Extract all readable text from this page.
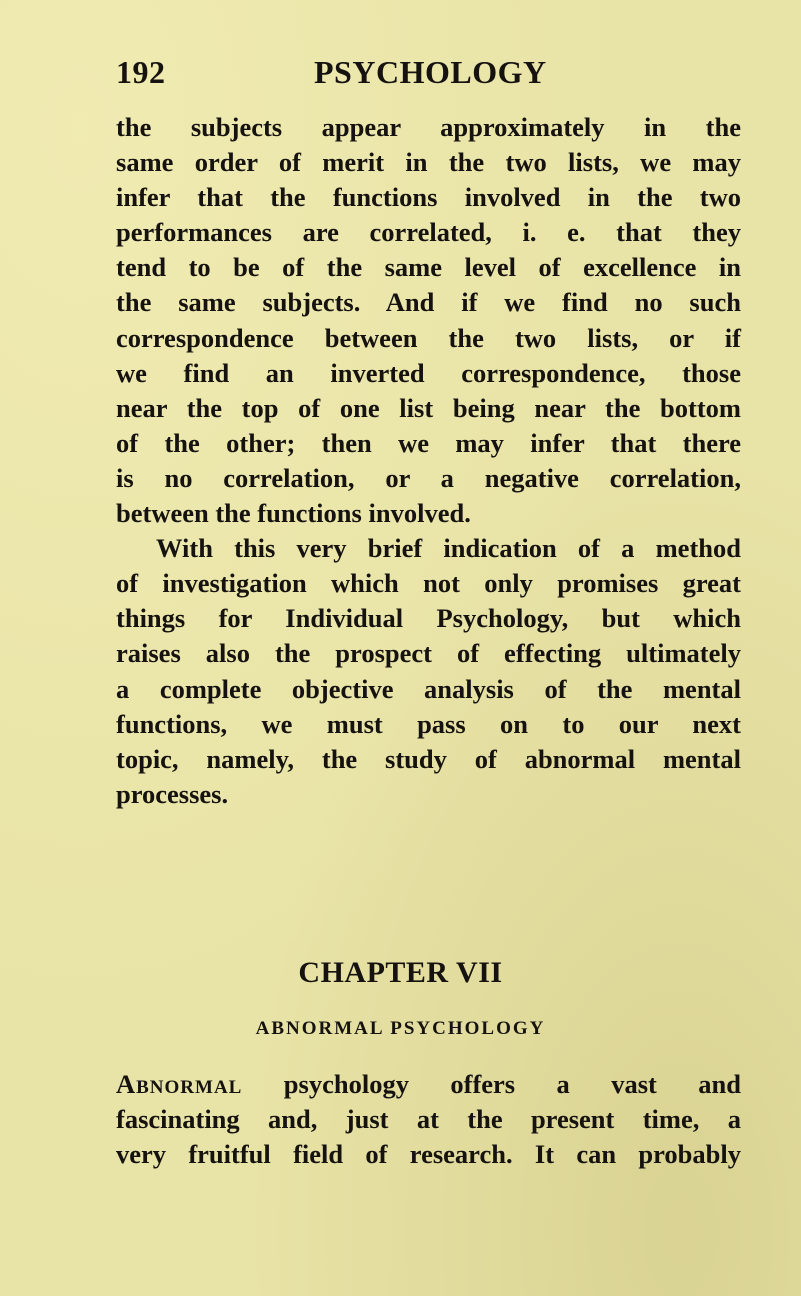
192	PSYCHOLOGY
the subjects appear approximately in the
same order of merit in the two lists, we may
infer that the functions involved in the two
performances are correlated, i. e. that they
tend to be of the same level of excellence in
the same subjects. And if we find no such
correspondence between the two lists, or if
we find an inverted correspondence, those
near the top of one list being near the bottom
of the other; then we may infer that there
is no correlation, or a negative correlation,
between the functions involved.
With this very brief indication of a method
of investigation which not only promises great
things for Individual Psychology, but which
raises also the prospect of effecting ultimately
a complete objective analysis of the mental
functions, we must pass on to our next
topic, namely, the study of abnormal mental
processes.
CHAPTER VII
ABNORMAL PSYCHOLOGY
Abnormal psychology offers a vast and
fascinating and, just at the present time, a
very fruitful field of research. It can probably
